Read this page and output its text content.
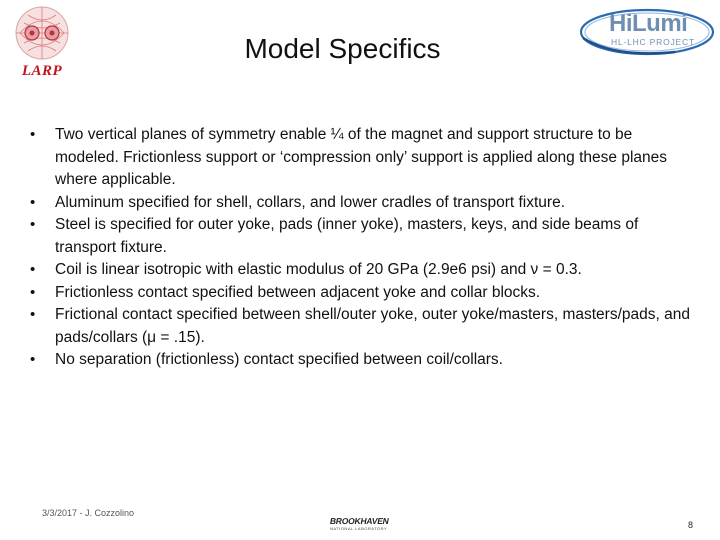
LARP
Model Specifics
HiLumi
HL-LHC PROJECT
• Two vertical planes of symmetry enable ¼ of the magnet and support structure to be modeled. Frictionless support or ‘compression only’ support is applied along these planes where applicable.
• Aluminum specified for shell, collars, and lower cradles of transport fixture.
• Steel is specified for outer yoke, pads (inner yoke), masters, keys, and side beams of transport fixture.
• Coil is linear isotropic with elastic modulus of 20 GPa (2.9e6 psi) and ν = 0.3.
• Frictionless contact specified between adjacent yoke and collar blocks.
• Frictional contact specified between shell/outer yoke, outer yoke/masters, masters/pads, and pads/collars (μ = .15).
• No separation (frictionless) contact specified between coil/collars.
3/3/2017 - J. Cozzolino
BROOKHAVEN
NATIONAL LABORATORY	8
